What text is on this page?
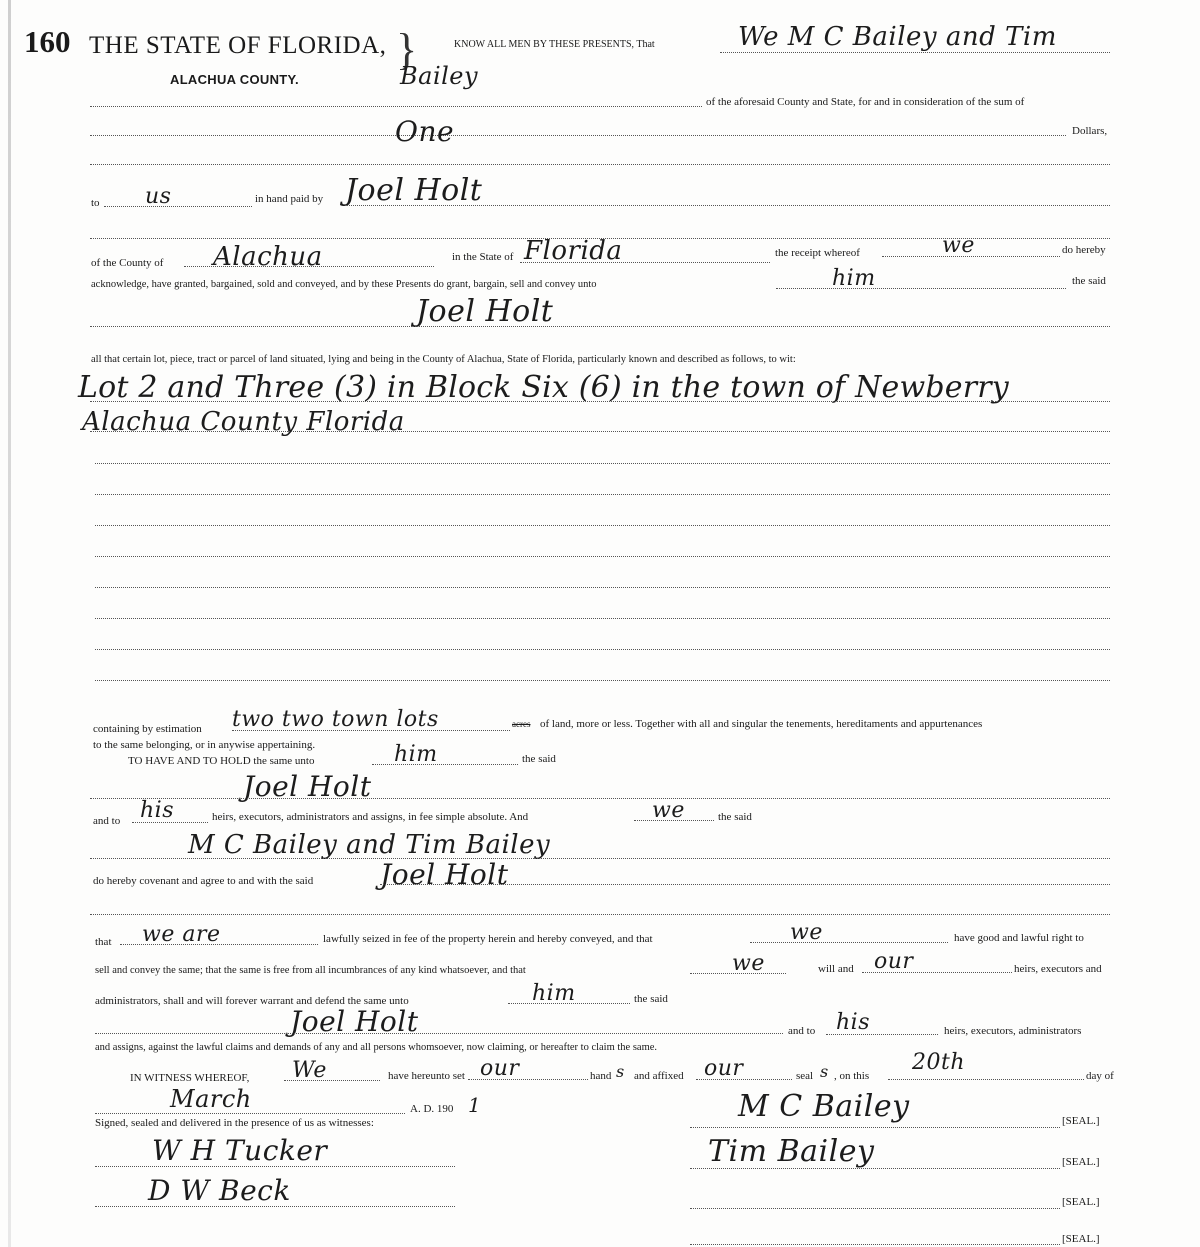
160 THE STATE OF FLORIDA, }
ALACHUA COUNTY.
KNOW ALL MEN BY THESE PRESENTS, That	We M C Bailey and Tim
Bailey
of the aforesaid County and State, for and in consideration of the sum of
One	Dollars,
to us	in hand paid by Joel Holt
of the County of Alachua	in the State of Florida	the receipt whereof	we	do hereby
acknowledge, have granted, bargained, sold and conveyed, and by these Presents do grant, bargain, sell and convey unto	him	the said
Joel Holt
all that certain lot, piece, tract or parcel of land situated, lying and being in the County of Alachua, State of Florida, particularly known and described as follows, to wit:
Lot 2 and Three (3) in Block Six (6) in the town of Newberry
Alachua County Florida
containing by estimation two two town lots	acres of land, more or less. Together with all and singular the tenements, hereditaments and appurtenances
to the same belonging, or in anywise appertaining.
TO HAVE AND TO HOLD the same unto	him	the said
Joel Holt
and to his	heirs, executors, administrators and assigns, in fee simple absolute. And	we	the said
M C Bailey and Tim Bailey
do hereby covenant and agree to and with the said Joel Holt
that we are	lawfully seized in fee of the property herein and hereby conveyed, and that	we	have good and lawful right to
sell and convey the same; that the same is free from all incumbrances of any kind whatsoever, and that	we	will and our	heirs, executors and
administrators, shall and will forever warrant and defend the same unto	him	the said
Joel Holt	and to his	heirs, executors, administrators
and assigns, against the lawful claims and demands of any and all persons whomsoever, now claiming, or hereafter to claim the same.
IN WITNESS WHEREOF, We	have hereunto set our	hand s and affixed our	seal s , on this
20th
day of
March	A. D. 190 1
Signed, sealed and delivered in the presence of us as witnesses:	M C Bailey	[SEAL.]
Tim Bailey	[SEAL.]
[SEAL.]
[SEAL.]
W H Tucker
D W Beck
